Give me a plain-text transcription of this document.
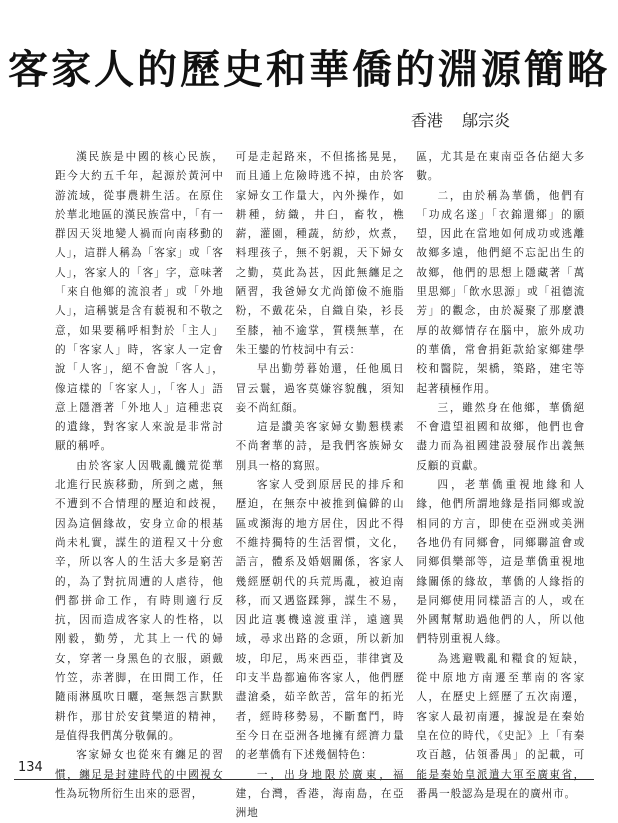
客家人的歷史和華僑的淵源簡略
香港 鄔宗炎

漢民族是中國的核心民族，距今大約五千年，起源於黃河中游流域，從事農耕生活。在原住於華北地區的漢民族當中，「有一群因天災地變人禍而向南移動的人」，這群人稱為「客家」或「客人」，客家人的「客」字，意味著「來自他鄉的流浪者」或「外地人」，這稱號是含有藐視和不敬之意，如果要稱呼相對於「主人」的「客家人」時，客家人一定會說「人客」，絕不會說「客人」，像這樣的「客家人」，「客人」語意上隱潛著「外地人」這種悲哀的遺緣，對客家人來說是非常討厭的稱呼。

由於客家人因戰亂饑荒從華北進行民族移動，所到之處，無不遭到不合情理的壓迫和歧視，因為這個緣故，安身立命的根基尚未札實，謀生的道程又十分愈辛，所以客人的生活大多是窮苦的，為了對抗周遭的人虐待，他們都拼命工作，有時則適行反抗，因而造成客家人的性格，以刚毅，勤勞，尤其上一代的婦女，穿著一身黑色的衣服，頭戴竹笠，赤著脚，在田間工作，任隨雨淋風吹日曬，毫無怨言默默耕作，那甘於安貧樂道的精神，是值得我們萬分敬佩的。

客家婦女也從來有纏足的習慣，纏足是封建時代的中國視女性為玩物所衍生出來的惡習，

可是走起路來，不但搖搖晃晃，而且通上危險時逃不掉，由於客家婦女工作量大，內外操作，如耕種，紡織，井臼，畜牧，樵薪，灌園，種蔬，紡紗，炊煮，料理孩子，無不躬親，天下婦女之勤，莫此為甚，因此無纏足之陋習，我爸婦女尤尚節儉不施脂粉，不戴花朵，自織自染，衫長至膝，袖不逾掌，質樸無華，在朱王鑾的竹枝詞中有云：

早出勤勞暮始還，任他風日冒云鬟，過客莫嫌容貌醜，須知妾不尚紅顏。

這是讚美客家婦女勤懇樸素不尚奢華的詩，是我們客族婦女別具一格的寫照。

客家人受到原居民的排斥和歷迫，在無奈中被推到偏僻的山區或瀕海的地方居住，因此不得不維持獨特的生活習慣，文化，語言，體系及婚姻關係，客家人幾經歷朝代的兵荒馬亂，被迫南移，而又遇盜蹂獰，謀生不易，因此這裏機遠渡重洋，遠適異域，尋求出路的念頭，所以新加坡，印尼，馬來西亞，菲律賓及印支半島都遍佈客家人，他們歷盡滄桑，茹辛飲苦，當年的拓光者，經時移勢易，不斷奮鬥，時至今日在亞洲各地擁有經濟力量的老華僑有下述幾個特色：

一，出身地限於廣東，福建，台灣，香港，海南島，在亞洲地

區，尤其是在東南亞各佔絕大多數。

二，由於稱為華僑，他們有「功成名遂」「衣錦還鄉」的願望，因此在當地如何成功或逃離故鄉多遠，他們絕不忘記出生的故鄉，他們的思想上隱藏著「萬里思鄉」「飲水思源」或「祖德流芳」的觀念，由於凝聚了那麼濃厚的故鄉情存在腦中，旅外成功的華僑，常會捐鉅款給家鄉建學校和醫院，架橋，築路，建宅等起著積極作用。

三，雖然身在他鄉，華僑絕不會遺望祖國和故鄉，他們也會盡力而為祖國建設發展作出義無反顧的貢獻。

四，老華僑重視地緣和人緣，他們所謂地緣是指同鄉或說相同的方言，即使在亞洲或美洲各地仍有同鄉會，同鄉聯誼會或同鄉俱樂部等，這是華僑重視地緣關係的緣故，華僑的人緣指的是同鄉使用同樣語言的人，或在外國幫幫助過他們的人，所以他們特別重視人緣。

為逃避戰亂和糧食的短缺，從中原地方南遷至華南的客家人，在歷史上經歷了五次南遷，客家人最初南遷，據說是在秦始皇在位的時代，《史記》上「有秦攻百越，佔領番禺」的記載，可能是秦始皇派遣大軍至廣東省，番禺一般認為是現在的廣州市。

134
